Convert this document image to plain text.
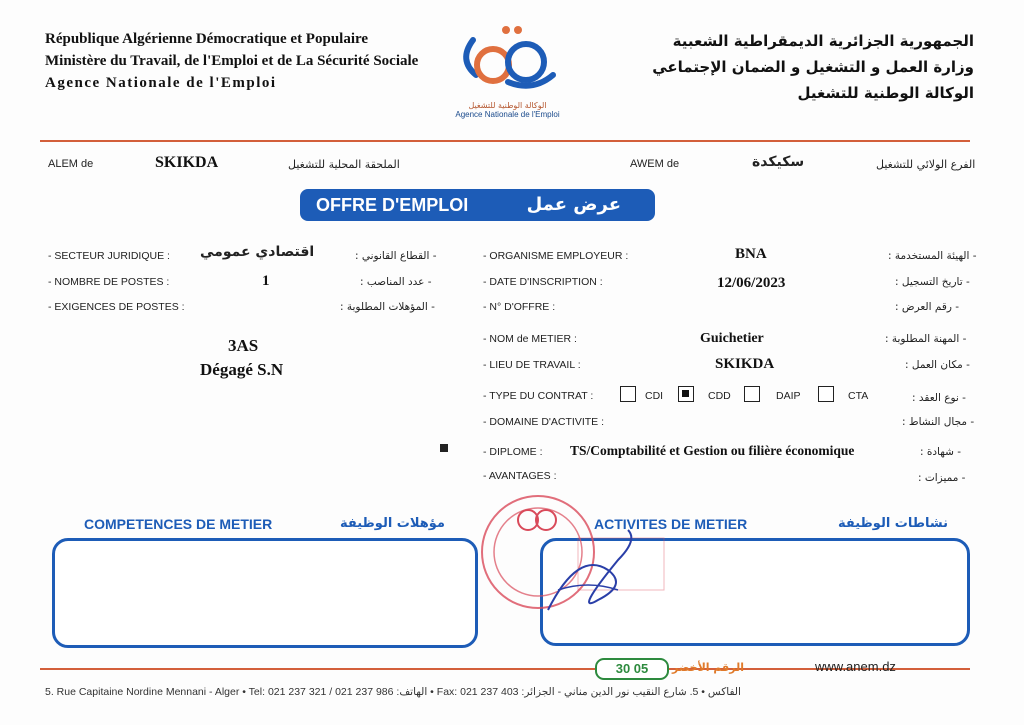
République Algérienne Démocratique et Populaire
Ministère du Travail, de l'Emploi et de La Sécurité Sociale
Agence Nationale de l'Emploi
الوكالة الوطنية للتشغيل
Agence Nationale de l'Emploi
الجمهورية الجزائرية الديمقراطية الشعبية
وزارة العمل و التشغيل و الضمان الإجتماعي
الوكالة الوطنية للتشغيل
ALEM de	SKIKDA	الملحقة المحلية للتشغيل	AWEM de	سكيكدة	الفرع الولائي للتشغيل
OFFRE D'EMPLOI	عرض عمل
- SECTEUR JURIDIQUE : اقتصادي عمومي	- القطاع القانوني :
- NOMBRE DE POSTES :	1	- عدد المناصب :
- EXIGENCES DE POSTES :	- المؤهلات المطلوبة :
3AS
Dégagé S.N
- ORGANISME EMPLOYEUR :	BNA	- الهيئة المستخدمة :
- DATE D'INSCRIPTION :	12/06/2023	- تاريخ التسجيل :
- N° D'OFFRE :	- رقم العرض :
- NOM de METIER :	Guichetier	- المهنة المطلوبة :
- LIEU DE TRAVAIL :	SKIKDA	- مكان العمل :
- TYPE DU CONTRAT :	CDI	CDD	DAIP	CTA	- نوع العقد :
- DOMAINE D'ACTIVITE :	- مجال النشاط :
- DIPLOME : TS/Comptabilité et Gestion ou filière économique	- شهادة :
- AVANTAGES :	- مميزات :
COMPETENCES DE METIER	مؤهلات الوظيفة	ACTIVITES DE METIER	نشاطات الوظيفة
30 05	الرقم الأخضر	www.anem.dz
5. Rue Capitaine Nordine Mennani - Alger • Tel: 021 237 321 / 021 237 986 :الهاتف • Fax: 021 237 403 :الفاكس • 5. شارع النقيب نور الدين مناني - الجزائر
